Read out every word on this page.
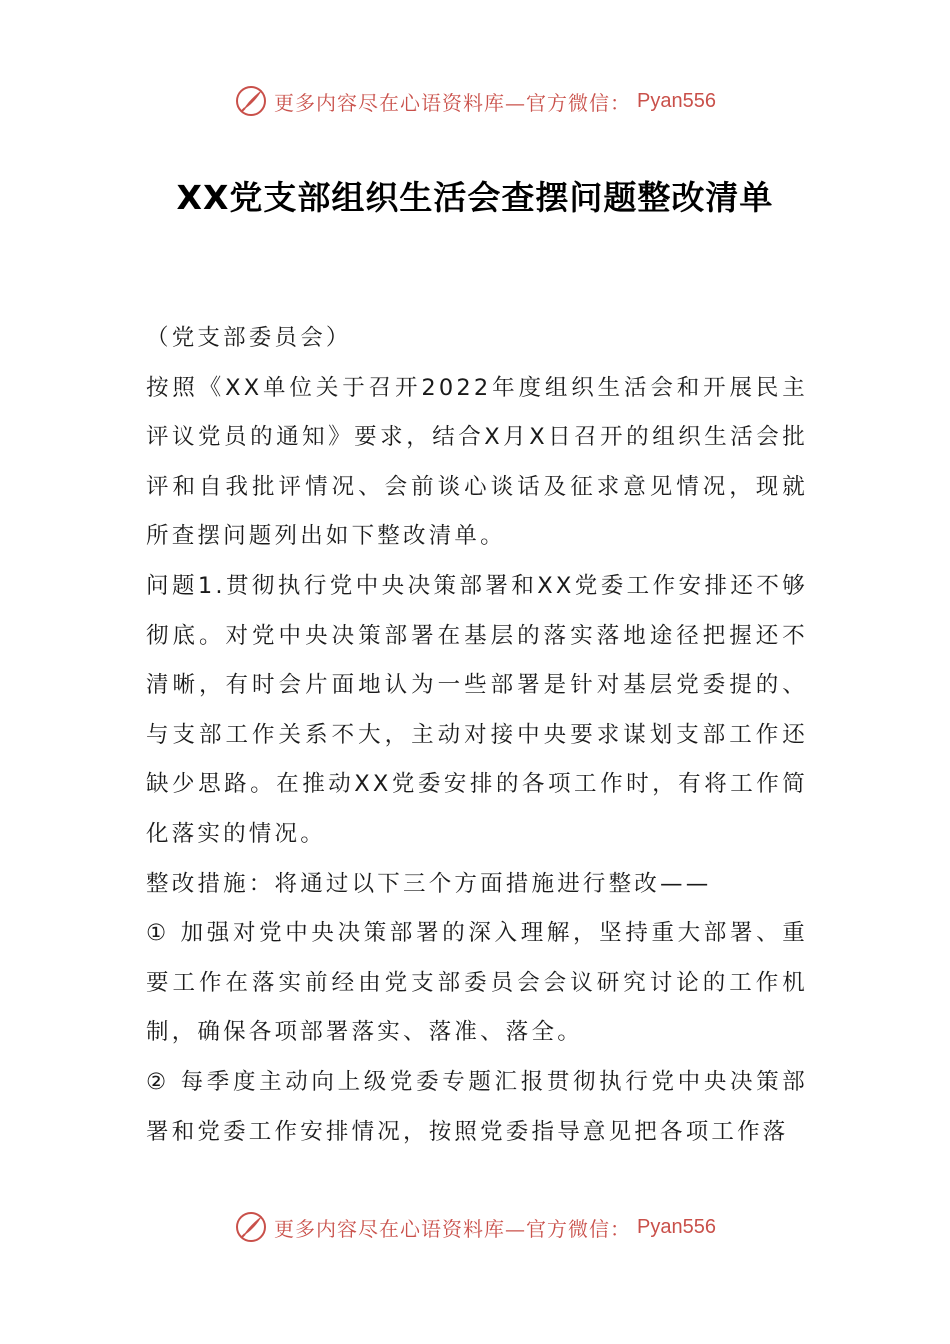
更多内容尽在心语资料库—官方微信： Pyan556
XX党支部组织生活会查摆问题整改清单

（党支部委员会）

按照《XX单位关于召开2022年度组织生活会和开展民主评议党员的通知》要求，结合X月X日召开的组织生活会批评和自我批评情况、会前谈心谈话及征求意见情况，现就所查摆问题列出如下整改清单。

问题1.贯彻执行党中央决策部署和XX党委工作安排还不够彻底。对党中央决策部署在基层的落实落地途径把握还不清晰，有时会片面地认为一些部署是针对基层党委提的、与支部工作关系不大，主动对接中央要求谋划支部工作还缺少思路。在推动XX党委安排的各项工作时，有将工作简化落实的情况。

整改措施：将通过以下三个方面措施进行整改——

① 加强对党中央决策部署的深入理解，坚持重大部署、重要工作在落实前经由党支部委员会会议研究讨论的工作机制，确保各项部署落实、落准、落全。

② 每季度主动向上级党委专题汇报贯彻执行党中央决策部署和党委工作安排情况，按照党委指导意见把各项工作落

更多内容尽在心语资料库—官方微信： Pyan556
